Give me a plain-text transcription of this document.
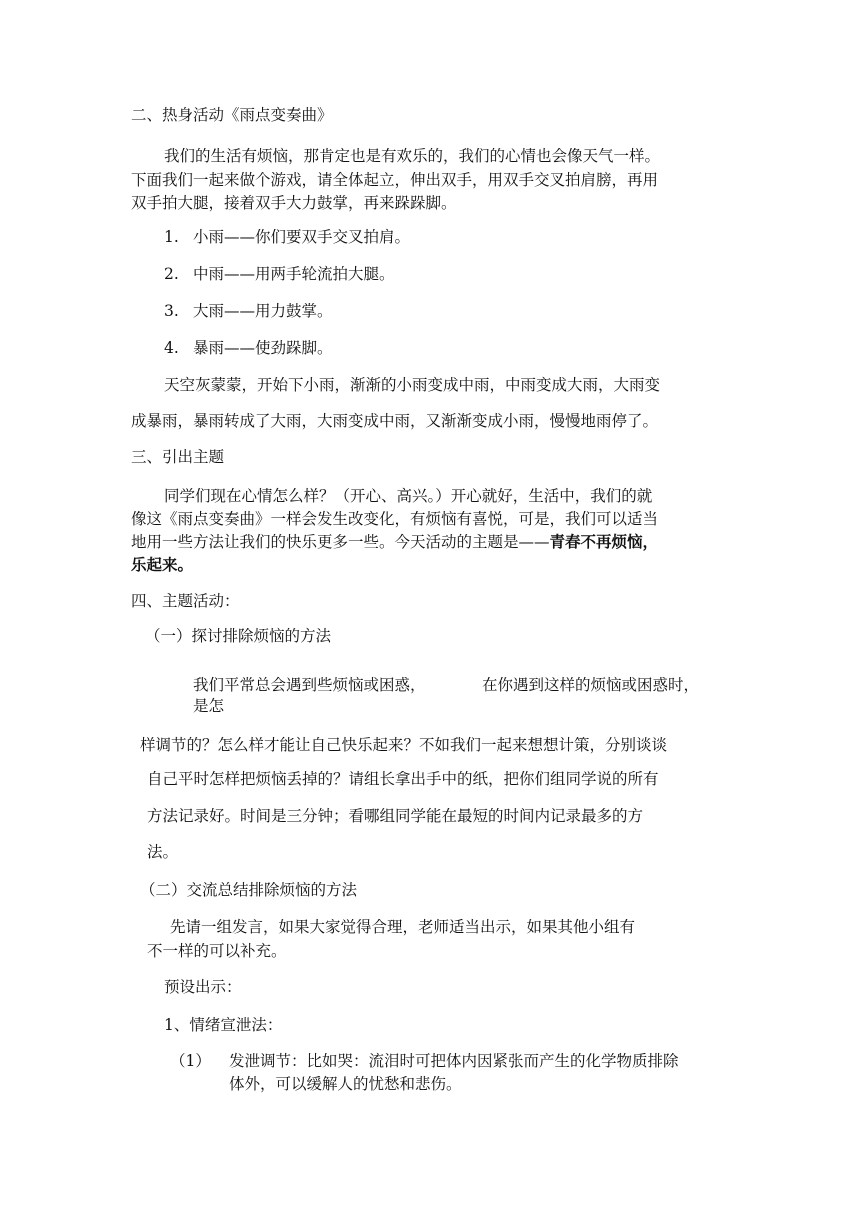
二、热身活动《雨点变奏曲》
我们的生活有烦恼，那肯定也是有欢乐的，我们的心情也会像天气一样。
下面我们一起来做个游戏，请全体起立，伸出双手，用双手交叉拍肩膀，再用
双手拍大腿，接着双手大力鼓掌，再来跺跺脚。
1. 小雨——你们要双手交叉拍肩。
2. 中雨——用两手轮流拍大腿。
3. 大雨——用力鼓掌。
4. 暴雨——使劲跺脚。
天空灰蒙蒙，开始下小雨，渐渐的小雨变成中雨，中雨变成大雨，大雨变
成暴雨，暴雨转成了大雨，大雨变成中雨，又渐渐变成小雨，慢慢地雨停了。
三、引出主题
同学们现在心情怎么样？（开心、高兴。）开心就好，生活中，我们的就
像这《雨点变奏曲》一样会发生改变化，有烦恼有喜悦，可是，我们可以适当
地用一些方法让我们的快乐更多一些。今天活动的主题是——青春不再烦恼，
乐起来。
四、主题活动：
（一）探讨排除烦恼的方法
我们平常总会遇到些烦恼或困惑，	在你遇到这样的烦恼或困惑时，
是怎
样调节的？怎么样才能让自己快乐起来？不如我们一起来想想计策，分别谈谈
自己平时怎样把烦恼丢掉的？请组长拿出手中的纸，把你们组同学说的所有
方法记录好。时间是三分钟；看哪组同学能在最短的时间内记录最多的方
法。
（二）交流总结排除烦恼的方法
先请一组发言，如果大家觉得合理，老师适当出示，如果其他小组有
不一样的可以补充。
预设出示：
1、情绪宣泄法：
（1） 发泄调节：比如哭：流泪时可把体内因紧张而产生的化学物质排除
体外，可以缓解人的忧愁和悲伤。
